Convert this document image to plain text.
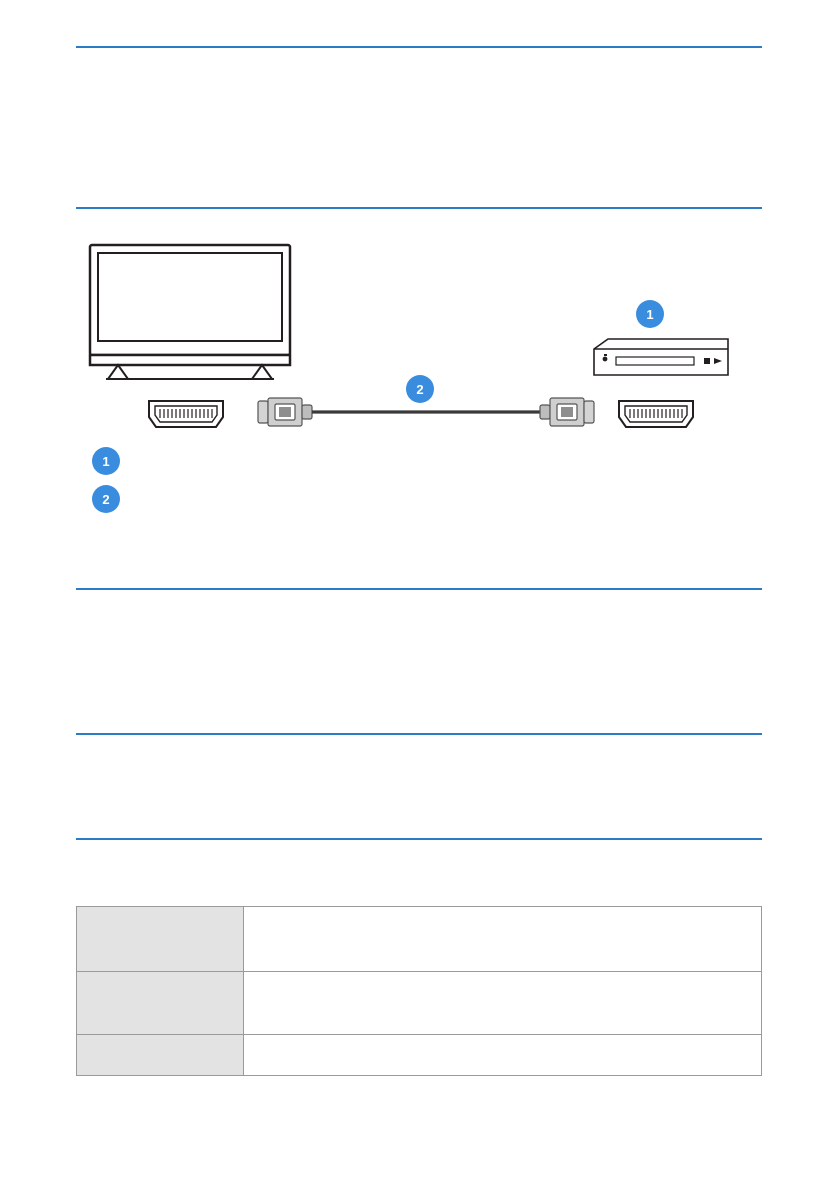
1
2
1
2
